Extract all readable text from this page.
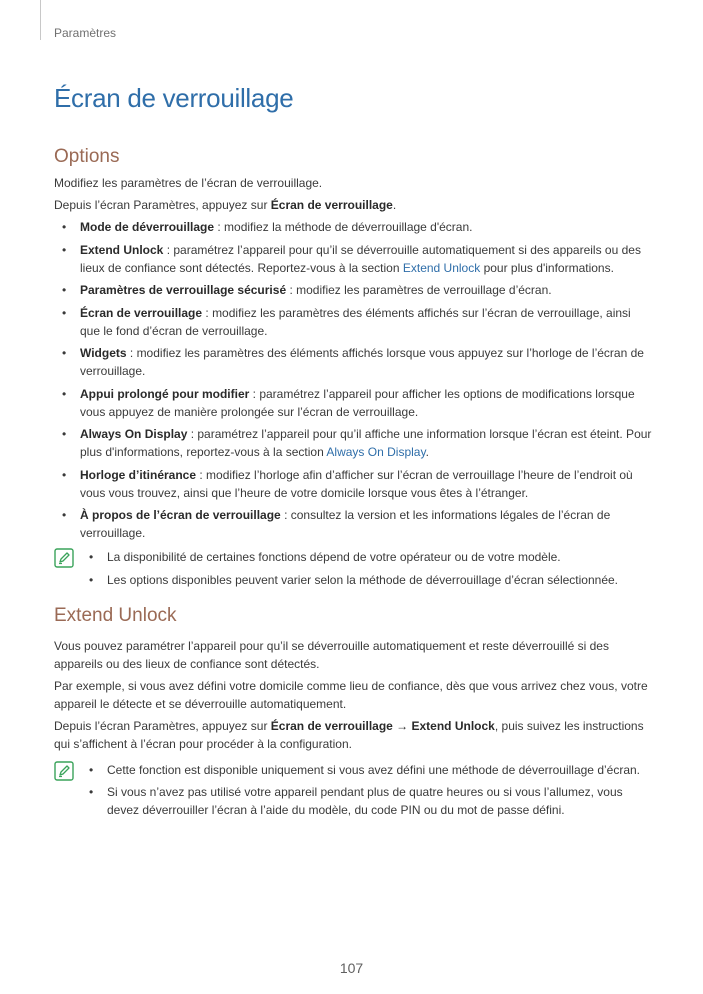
Paramètres
Écran de verrouillage
Options

Modifiez les paramètres de l’écran de verrouillage.

Depuis l’écran Paramètres, appuyez sur Écran de verrouillage.

• Mode de déverrouillage : modifiez la méthode de déverrouillage d'écran.
• Extend Unlock : paramétrez l’appareil pour qu’il se déverrouille automatiquement si des appareils ou des lieux de confiance sont détectés. Reportez-vous à la section Extend Unlock pour plus d'informations.
• Paramètres de verrouillage sécurisé : modifiez les paramètres de verrouillage d’écran.
• Écran de verrouillage : modifiez les paramètres des éléments affichés sur l’écran de verrouillage, ainsi que le fond d’écran de verrouillage.
• Widgets : modifiez les paramètres des éléments affichés lorsque vous appuyez sur l’horloge de l’écran de verrouillage.
• Appui prolongé pour modifier : paramétrez l’appareil pour afficher les options de modifications lorsque vous appuyez de manière prolongée sur l’écran de verrouillage.
• Always On Display : paramétrez l’appareil pour qu’il affiche une information lorsque l’écran est éteint. Pour plus d'informations, reportez-vous à la section Always On Display.
• Horloge d’itinérance : modifiez l’horloge afin d’afficher sur l’écran de verrouillage l’heure de l’endroit où vous vous trouvez, ainsi que l’heure de votre domicile lorsque vous êtes à l’étranger.
• À propos de l’écran de verrouillage : consultez la version et les informations légales de l’écran de verrouillage.
• La disponibilité de certaines fonctions dépend de votre opérateur ou de votre modèle.
• Les options disponibles peuvent varier selon la méthode de déverrouillage d’écran sélectionnée.
Extend Unlock

Vous pouvez paramétrer l’appareil pour qu’il se déverrouille automatiquement et reste déverrouillé si des appareils ou des lieux de confiance sont détectés.

Par exemple, si vous avez défini votre domicile comme lieu de confiance, dès que vous arrivez chez vous, votre appareil le détecte et se déverrouille automatiquement.

Depuis l’écran Paramètres, appuyez sur Écran de verrouillage → Extend Unlock, puis suivez les instructions qui s’affichent à l’écran pour procéder à la configuration.

• Cette fonction est disponible uniquement si vous avez défini une méthode de déverrouillage d’écran.
• Si vous n’avez pas utilisé votre appareil pendant plus de quatre heures ou si vous l’allumez, vous devez déverrouiller l’écran à l’aide du modèle, du code PIN ou du mot de passe défini.
107
